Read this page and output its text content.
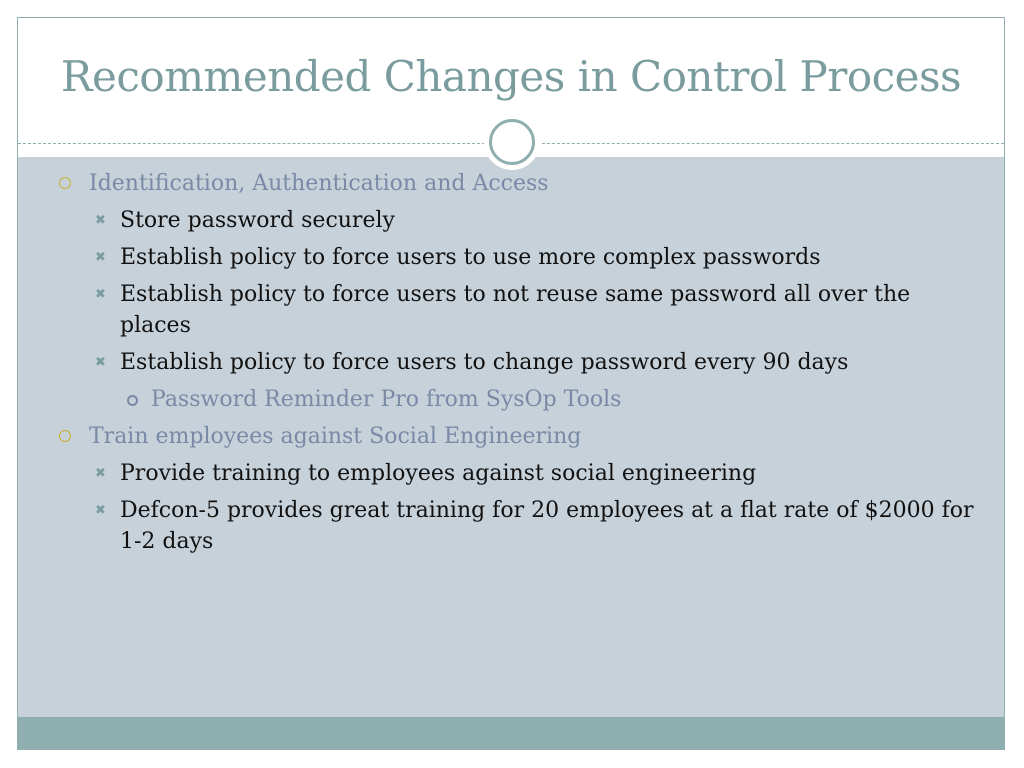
Recommended Changes in Control Process
Identification, Authentication and Access
✖ Store password securely
✖ Establish policy to force users to use more complex passwords
✖ Establish policy to force users to not reuse same password all over the places
✖ Establish policy to force users to change password every 90 days
Password Reminder Pro from SysOp Tools
Train employees against Social Engineering
✖ Provide training to employees against social engineering
✖ Defcon-5 provides great training for 20 employees at a flat rate of $2000 for 1-2 days
